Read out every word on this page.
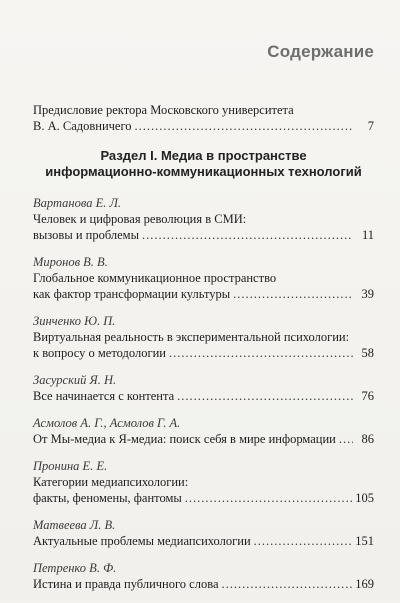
Содержание
Предисловие ректора Московского университета
В. А. Садовничего .....	7
Раздел I. Медиа в пространстве
информационно-коммуникационных технологий
Вартанова Е. Л.
Человек и цифровая революция в СМИ:
вызовы и проблемы .....	11
Миронов В. В.
Глобальное коммуникационное пространство
как фактор трансформации культуры .....	39
Зинченко Ю. П.
Виртуальная реальность в экспериментальной психологии:
к вопросу о методологии .....	58
Засурский Я. Н.
Все начинается с контента .....	76
Асмолов А. Г., Асмолов Г. А.
От Мы-медиа к Я-медиа: поиск себя в мире информации .....	86
Пронина Е. Е.
Категории медиапсихологии:
факты, феномены, фантомы .....	105
Матвеева Л. В.
Актуальные проблемы медиапсихологии .....	151
Петренко В. Ф.
Истина и правда публичного слова .....	169
